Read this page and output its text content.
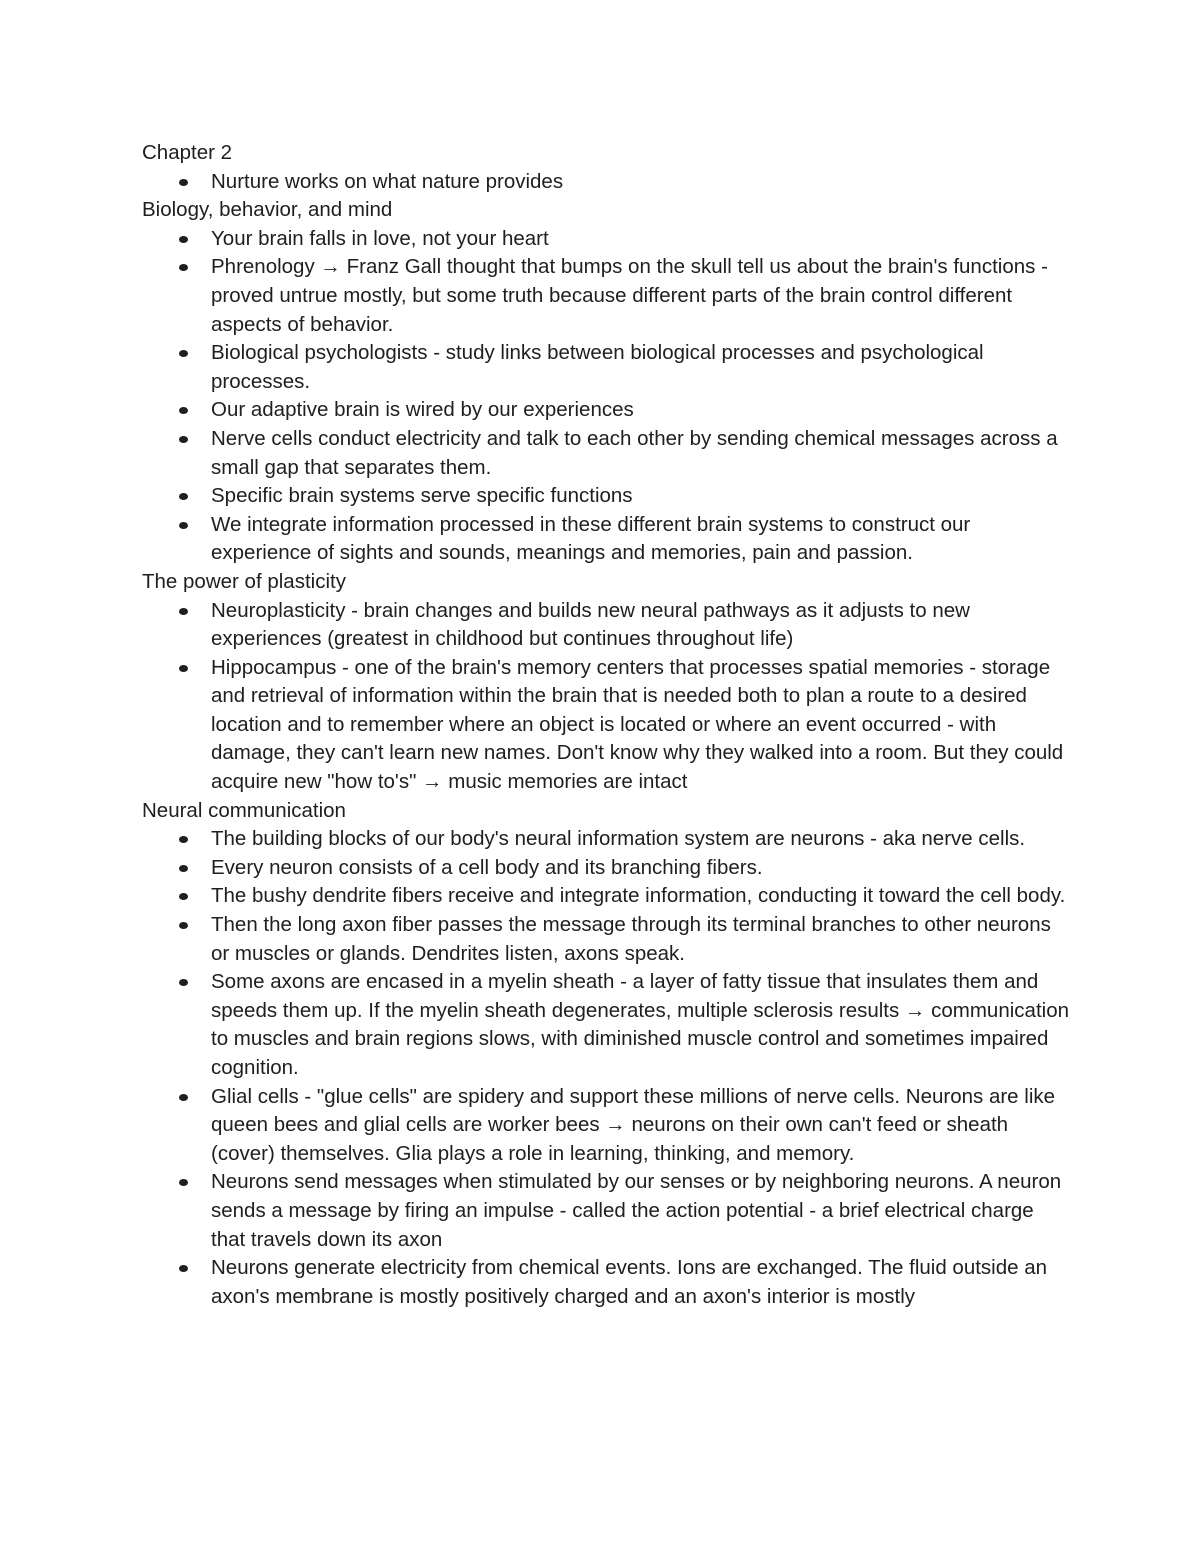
Chapter 2

Nurture works on what nature provides

Biology, behavior, and mind

Your brain falls in love, not your heart
Phrenology → Franz Gall thought that bumps on the skull tell us about the brain's functions - proved untrue mostly, but some truth because different parts of the brain control different aspects of behavior.
Biological psychologists - study links between biological processes and psychological processes.
Our adaptive brain is wired by our experiences
Nerve cells conduct electricity and talk to each other by sending chemical messages across a small gap that separates them.
Specific brain systems serve specific functions
We integrate information processed in these different brain systems to construct our experience of sights and sounds, meanings and memories, pain and passion.

The power of plasticity

Neuroplasticity - brain changes and builds new neural pathways as it adjusts to new experiences (greatest in childhood but continues throughout life)
Hippocampus - one of the brain's memory centers that processes spatial memories - storage and retrieval of information within the brain that is needed both to plan a route to a desired location and to remember where an object is located or where an event occurred - with damage, they can't learn new names. Don't know why they walked into a room. But they could acquire new "how to's" → music memories are intact

Neural communication

The building blocks of our body's neural information system are neurons - aka nerve cells.
Every neuron consists of a cell body and its branching fibers.
The bushy dendrite fibers receive and integrate information, conducting it toward the cell body.
Then the long axon fiber passes the message through its terminal branches to other neurons or muscles or glands. Dendrites listen, axons speak.
Some axons are encased in a myelin sheath - a layer of fatty tissue that insulates them and speeds them up. If the myelin sheath degenerates, multiple sclerosis results → communication to muscles and brain regions slows, with diminished muscle control and sometimes impaired cognition.
Glial cells - "glue cells" are spidery and support these millions of nerve cells. Neurons are like queen bees and glial cells are worker bees → neurons on their own can't feed or sheath (cover) themselves. Glia plays a role in learning, thinking, and memory.
Neurons send messages when stimulated by our senses or by neighboring neurons. A neuron sends a message by firing an impulse - called the action potential - a brief electrical charge that travels down its axon
Neurons generate electricity from chemical events. Ions are exchanged. The fluid outside an axon's membrane is mostly positively charged and an axon's interior is mostly
